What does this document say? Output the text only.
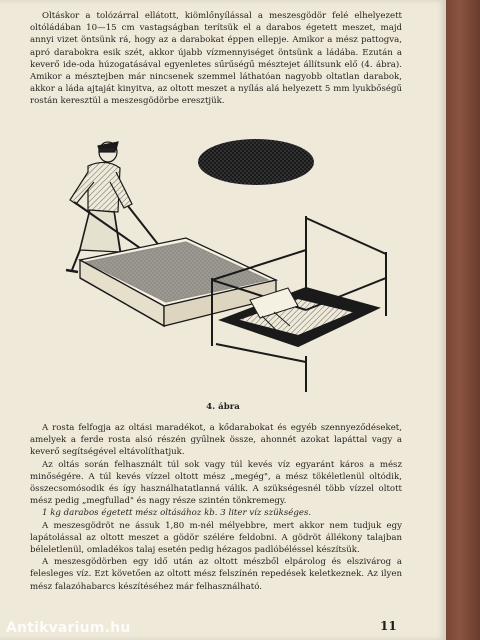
Oltáskor a tolózárral ellátott, kiömlőnyílással a meszesgödör felé elhelyezett oltóládában 10—15 cm vastagságban terítsük el a darabos égetett meszet, majd annyi vizet öntsünk rá, hogy az a darabokat éppen ellepje. Amikor a mész pattogva, apró darabokra esik szét, akkor újabb vízmennyiséget öntsünk a ládába. Ezután a keverő ide-oda húzogatásával egyenletes sűrűségű mésztejet állítsunk elő (4. ábra). Amikor a mésztejben már nincsenek szemmel láthatóan nagyobb oltatlan darabok, akkor a láda ajtaját kinyitva, az oltott meszet a nyílás alá helyezett 5 mm lyukbőségű rostán keresztül a meszesgödörbe eresztjük.

4. ábra

A rosta felfogja az oltási maradékot, a kődarabokat és egyéb szennyeződéseket, amelyek a ferde rosta alsó részén gyűlnek össze, ahonnét azokat lapáttal vagy a keverő segítségével eltávolíthatjuk.

Az oltás során felhasznált túl sok vagy túl kevés víz egyaránt káros a mész minőségére. A túl kevés vízzel oltott mész „megég", a mész tökéletlenül oltódik, összecsomósodik és így használhatatlanná válik. A szükségesnél több vízzel oltott mész pedig „megfullad" és nagy része szintén tönkremegy.

1 kg darabos égetett mész oltásához kb. 3 liter víz szükséges.

A meszesgödröt ne ássuk 1,80 m-nél mélyebbre, mert akkor nem tudjuk egy lapátolással az oltott meszet a gödör szélére feldobni. A gödröt állékony talajban béleletlenül, omladékos talaj esetén pedig hézagos padlóbéléssel készítsük.

A meszesgödörben egy idő után az oltott mészből elpárolog és elszivárog a felesleges víz. Ezt követően az oltott mész felszínén repedések keletkeznek. Az ilyen mész falazóhabarcs készítéséhez már felhasználható.

11
Antikvarium.hu
